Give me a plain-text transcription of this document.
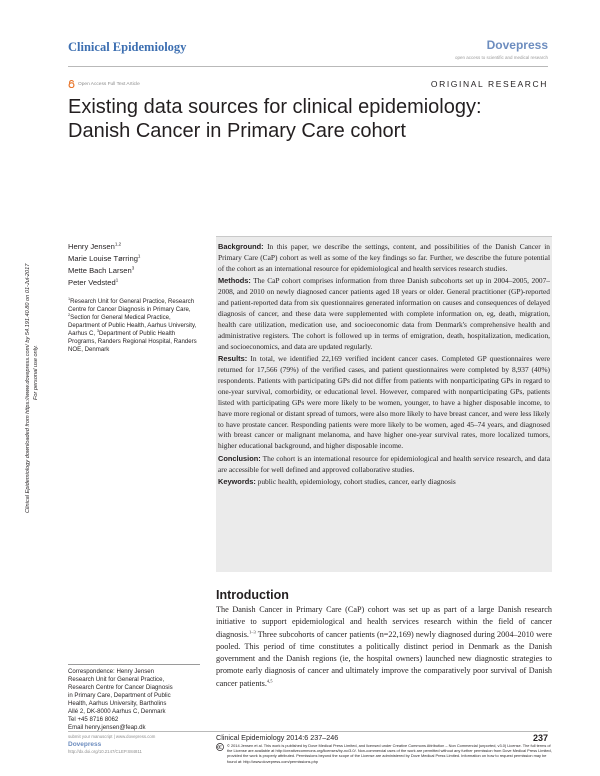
Clinical Epidemiology	Dovepress
open access to scientific and medical research
Open Access Full Text Article	ORIGINAL RESEARCH
Existing data sources for clinical epidemiology:
Danish Cancer in Primary Care cohort
Clinical Epidemiology downloaded from https://www.dovepress.com/ by 54.191.40.80 on 01-Jul-2017 For personal use only.
Henry Jensen$^{1,2}$
Marie Louise Tørring$^1$
Mette Bach Larsen$^3$
Peter Vedsted$^1$
$^1$Research Unit for General Practice, Research Centre for Cancer Diagnosis in Primary Care, $^2$Section for General Medical Practice, Department of Public Health, Aarhus University, Aarhus C, $^3$Department of Public Health Programs, Randers Regional Hospital, Randers NOE, Denmark

Background: In this paper, we describe the settings, content, and possibilities of the Danish Cancer in Primary Care (CaP) cohort as well as some of the key findings so far. Further, we describe the future potential of the cohort as an international resource for epidemiological and health services research studies.

Methods: The CaP cohort comprises information from three Danish subcohorts set up in 2004–2005, 2007–2008, and 2010 on newly diagnosed cancer patients aged 18 years or older. General practitioner (GP)-reported and patient-reported data from six questionnaires generated information on causes and consequences of delayed diagnosis of cancer, and these data were supplemented with complete information on, eg, death, migration, health care utilization, medication use, and socioeconomic data from Denmark's comprehensive health and administrative registers. The cohort is followed up in terms of emigration, death, hospitalization, medication, and socioeconomics, and data are updated regularly.

Results: In total, we identified 22,169 verified incident cancer cases. Completed GP questionnaires were returned for 17,566 (79%) of the verified cases, and patient questionnaires were completed by 8,937 (40%) respondents. Patients with participating GPs did not differ from patients with nonparticipating GPs in regard to one-year survival, comorbidity, or educational level. However, compared with nonparticipating GPs, patients listed with participating GPs were more likely to be women, younger, to have a higher disposable income, to have more regional or distant spread of tumors, were also more likely to have breast cancer, and were less likely to have prostate cancer. Responding patients were more likely to be women, aged 45–74 years, and diagnosed with breast cancer or malignant melanoma, and have higher one-year survival rates, more localized tumors, higher educational background, and higher disposable income.

Conclusion: The cohort is an international resource for epidemiological and health service research, and data are accessible for well defined and approved collaborative studies.

Keywords: public health, epidemiology, cohort studies, cancer, early diagnosis

Introduction
The Danish Cancer in Primary Care (CaP) cohort was set up as part of a large Danish research initiative to support epidemiological and health services research within the field of cancer diagnosis.$^{1-3}$ Three subcohorts of cancer patients (n=22,169) newly diagnosed during 2004–2010 were pooled. This period of time constitutes a politically distinct period in Denmark as the Danish government and the Danish regions (ie, the hospital owners) launched new diagnostic strategies to promote early diagnosis of cancer and ultimately improve the comparatively poor survival of Danish cancer patients.$^{4,5}$
Correspondence: Henry Jensen
Research Unit for General Practice,
Research Centre for Cancer Diagnosis
in Primary Care, Department of Public
Health, Aarhus University, Bartholins
Allé 2, DK-8000 Aarhus C, Denmark
Tel +45 8716 8062
Email henry.jensen@feap.dk
submit your manuscript | www.dovepress.com
Dovepress
http://dx.doi.org/10.2147/CLEP.S84811
Clinical Epidemiology 2014:6 237–246	237
© 2014 Jensen et al. This work is published by Dove Medical Press Limited, and licensed under Creative Commons Attribution – Non Commercial (unported, v3.0) License. The full terms of the License are available at http://creativecommons.org/licenses/by-nc/3.0/. Non-commercial uses of the work are permitted without any further permission from Dove Medical Press Limited, provided the work is properly attributed. Permissions beyond the scope of the License are administered by Dove Medical Press Limited. Information on how to request permission may be found at: http://www.dovepress.com/permissions.php
